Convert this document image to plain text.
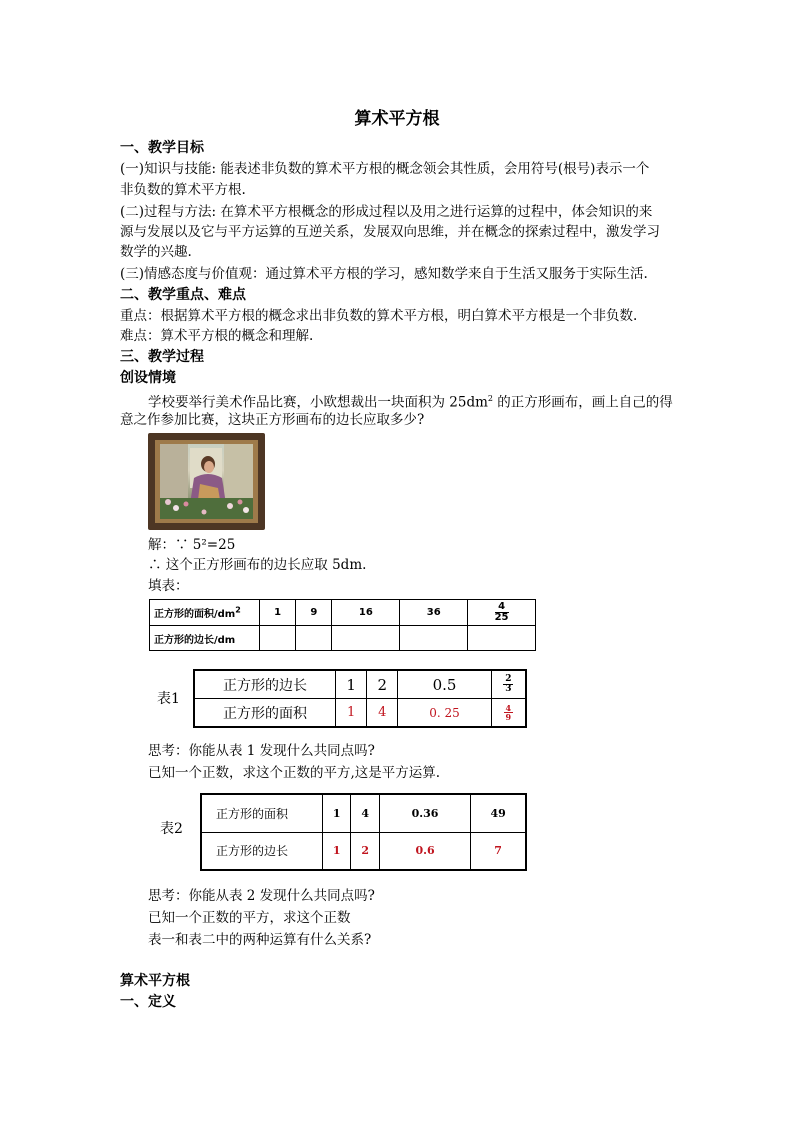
算术平方根
一、教学目标
(一)知识与技能: 能表述非负数的算术平方根的概念领会其性质，会用符号(根号)表示一个
非负数的算术平方根.
(二)过程与方法: 在算术平方根概念的形成过程以及用之进行运算的过程中，体会知识的来
源与发展以及它与平方运算的互逆关系，发展双向思维，并在概念的探索过程中，激发学习
数学的兴趣.
(三)情感态度与价值观：通过算术平方根的学习，感知数学来自于生活又服务于实际生活.
二、教学重点、难点
重点：根据算术平方根的概念求出非负数的算术平方根，明白算术平方根是一个非负数.
难点：算术平方根的概念和理解.
三、教学过程
创设情境
学校要举行美术作品比赛，小欧想裁出一块面积为 $25dm^2$ 的正方形画布，画上自己的得
意之作参加比赛，这块正方形画布的边长应取多少?
解：∵ 5²=25
∴ 这个正方形画布的边长应取 5dm.
填表：
正方形的面积$/dm^2$	1	9	16	36	$\frac{4}{25}$

正方形的边长/dm					
表1
正方形的边长	1	2	0.5	$\frac{2}{3}$

正方形的面积	1	4	0. 25	$\frac{4}{9}$
思考：你能从表 1 发现什么共同点吗?
已知一个正数，求这个正数的平方,这是平方运算.
表2
正方形的面积	1	4	0.36	49
正方形的边长	1	2	0.6	7
思考：你能从表 2 发现什么共同点吗?
已知一个正数的平方，求这个正数
表一和表二中的两种运算有什么关系?
算术平方根
一、定义
